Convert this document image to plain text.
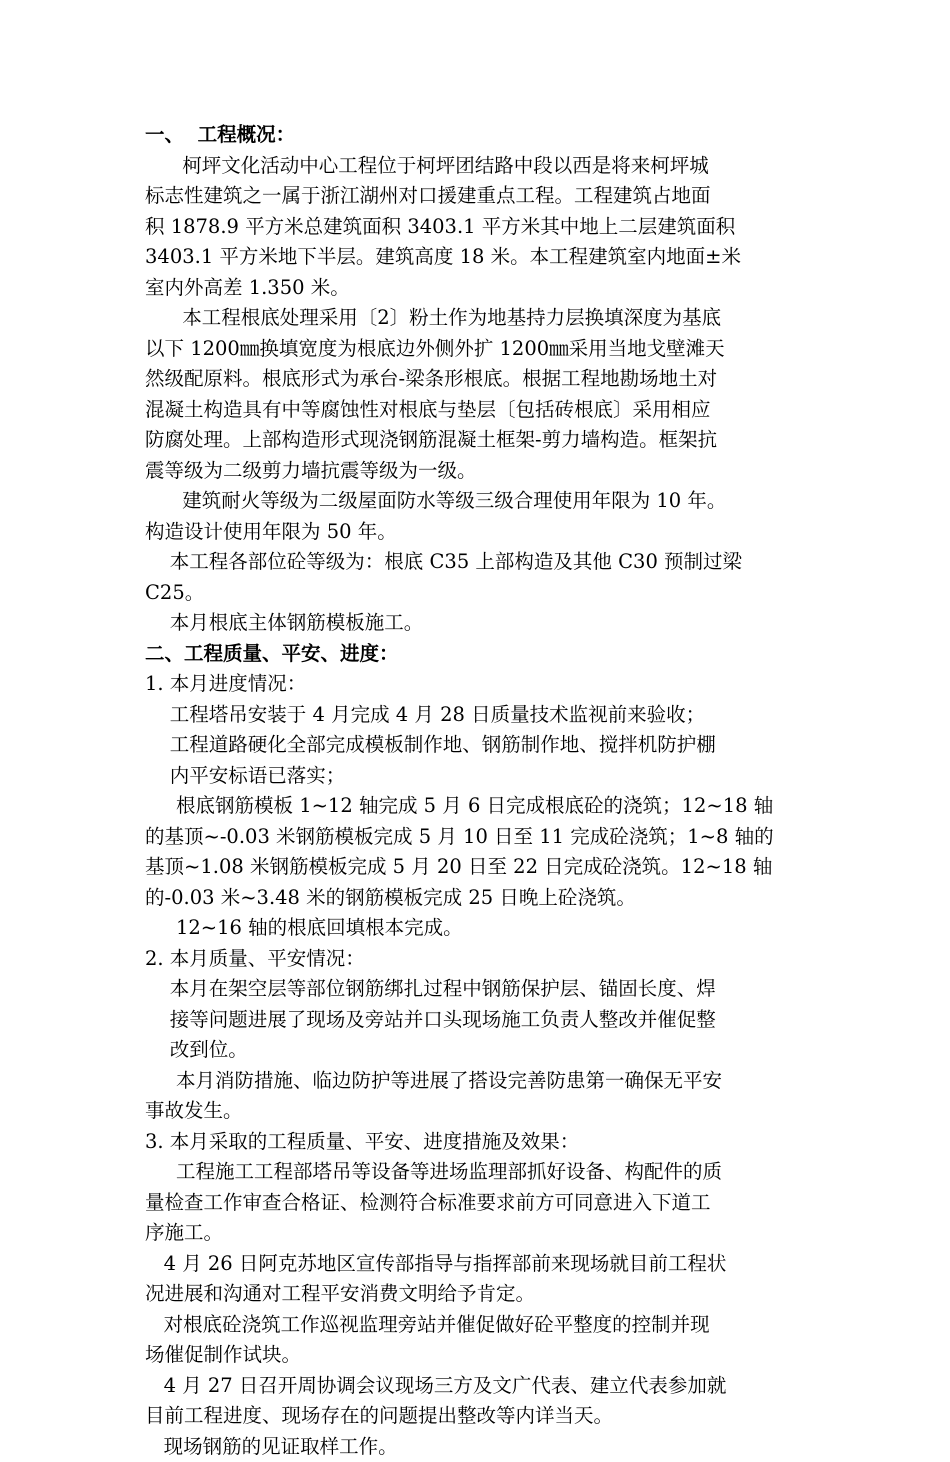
一、  工程概况：
柯坪文化活动中心工程位于柯坪团结路中段以西是将来柯坪城
标志性建筑之一属于浙江湖州对口援建重点工程。工程建筑占地面
积 1878.9 平方米总建筑面积 3403.1 平方米其中地上二层建筑面积
3403.1 平方米地下半层。建筑高度 18 米。本工程建筑室内地面±米
室内外高差 1.350 米。
本工程根底处理采用〔2〕粉土作为地基持力层换填深度为基底
以下 1200㎜换填宽度为根底边外侧外扩 1200㎜采用当地戈壁滩天
然级配原料。根底形式为承台-梁条形根底。根据工程地勘场地土对
混凝土构造具有中等腐蚀性对根底与垫层〔包括砖根底〕采用相应
防腐处理。上部构造形式现浇钢筋混凝土框架-剪力墙构造。框架抗
震等级为二级剪力墙抗震等级为一级。
建筑耐火等级为二级屋面防水等级三级合理使用年限为 10 年。
构造设计使用年限为 50 年。
本工程各部位砼等级为：根底 C35 上部构造及其他 C30 预制过梁
C25。
本月根底主体钢筋模板施工。
二、工程质量、平安、进度：
1. 本月进度情况：
工程塔吊安装于 4 月完成 4 月 28 日质量技术监视前来验收；
工程道路硬化全部完成模板制作地、钢筋制作地、搅拌机防护棚
内平安标语已落实；
根底钢筋模板 1~12 轴完成 5 月 6 日完成根底砼的浇筑；12~18 轴
的基顶~-0.03 米钢筋模板完成 5 月 10 日至 11 完成砼浇筑；1~8 轴的
基顶~1.08 米钢筋模板完成 5 月 20 日至 22 日完成砼浇筑。12~18 轴
的-0.03 米~3.48 米的钢筋模板完成 25 日晚上砼浇筑。
12~16 轴的根底回填根本完成。
2. 本月质量、平安情况：
本月在架空层等部位钢筋绑扎过程中钢筋保护层、锚固长度、焊
接等问题进展了现场及旁站并口头现场施工负责人整改并催促整
改到位。
本月消防措施、临边防护等进展了搭设完善防患第一确保无平安
事故发生。
3. 本月采取的工程质量、平安、进度措施及效果：
工程施工工程部塔吊等设备等进场监理部抓好设备、构配件的质
量检查工作审查合格证、检测符合标准要求前方可同意进入下道工
序施工。
4 月 26 日阿克苏地区宣传部指导与指挥部前来现场就目前工程状
况进展和沟通对工程平安消费文明给予肯定。
对根底砼浇筑工作巡视监理旁站并催促做好砼平整度的控制并现
场催促制作试块。
4 月 27 日召开周协调会议现场三方及文广代表、建立代表参加就
目前工程进度、现场存在的问题提出整改等内详当天。
现场钢筋的见证取样工作。
